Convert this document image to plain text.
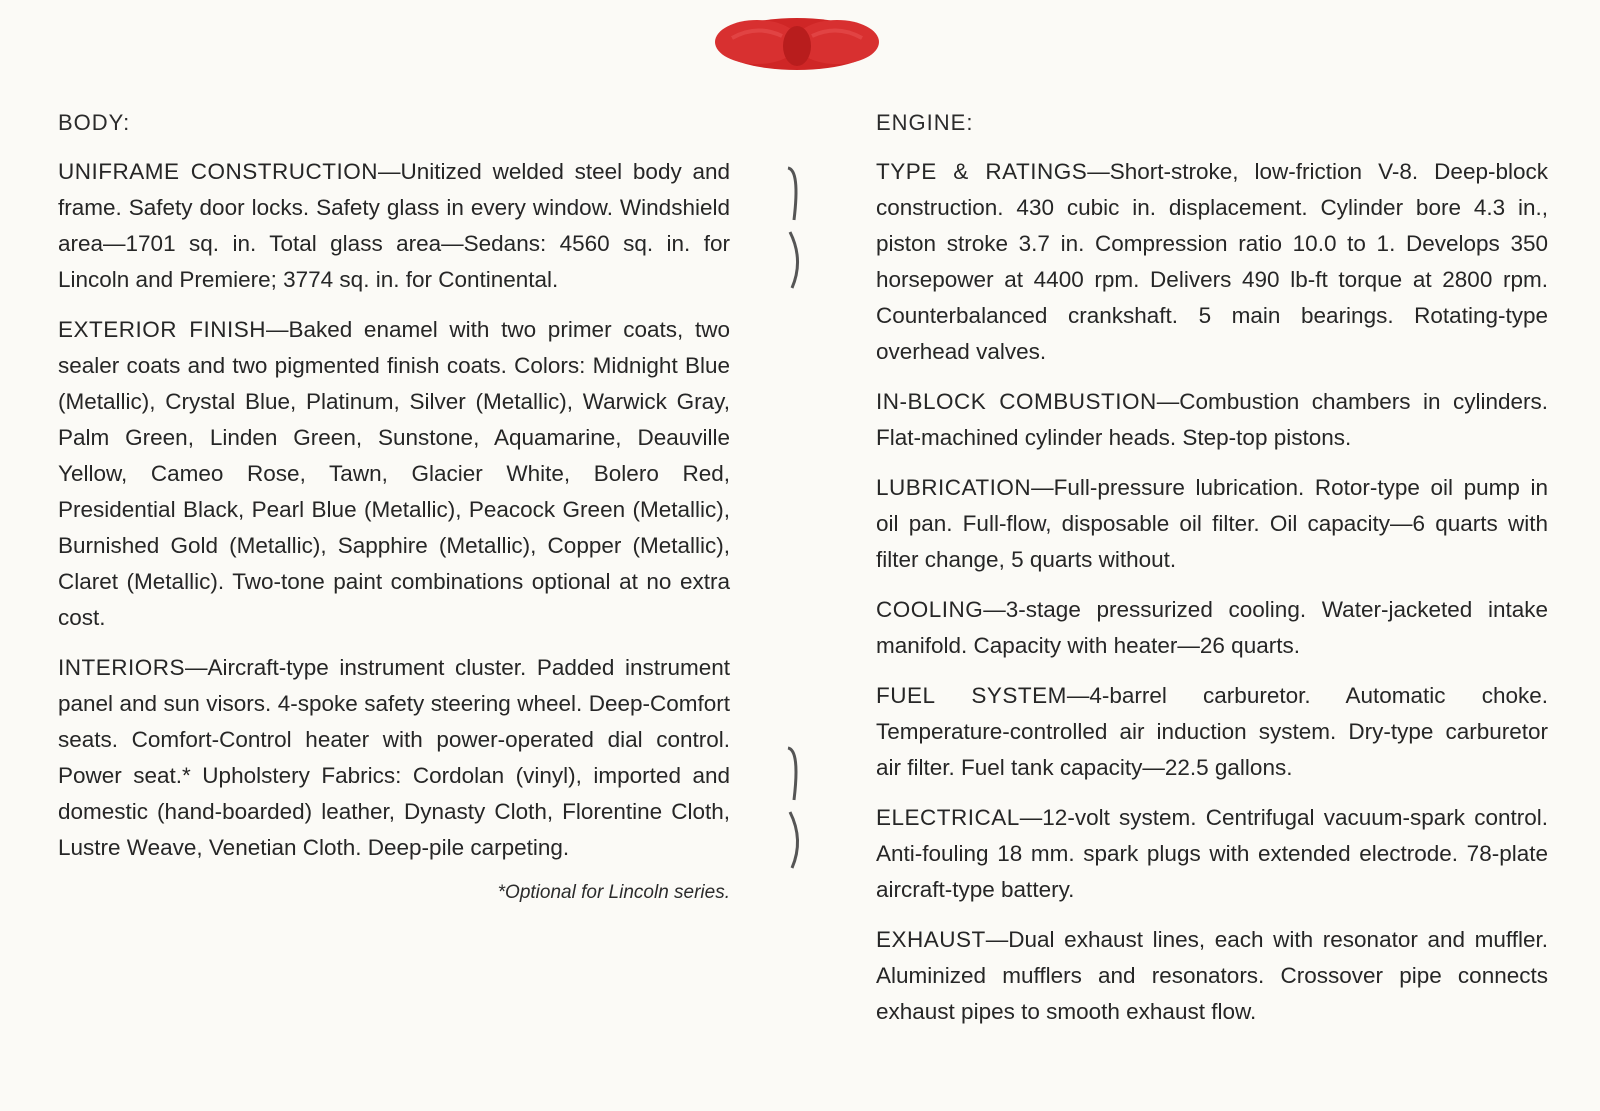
BODY:

UNIFRAME CONSTRUCTION—Unitized welded steel body and frame. Safety door locks. Safety glass in every window. Windshield area—1701 sq. in. Total glass area—Sedans: 4560 sq. in. for Lincoln and Premiere; 3774 sq. in. for Continental.

EXTERIOR FINISH—Baked enamel with two primer coats, two sealer coats and two pigmented finish coats. Colors: Midnight Blue (Metallic), Crystal Blue, Platinum, Silver (Metallic), Warwick Gray, Palm Green, Linden Green, Sunstone, Aquamarine, Deauville Yellow, Cameo Rose, Tawn, Glacier White, Bolero Red, Presidential Black, Pearl Blue (Metallic), Peacock Green (Metallic), Burnished Gold (Metallic), Sapphire (Metallic), Copper (Metallic), Claret (Metallic). Two-tone paint combinations optional at no extra cost.

INTERIORS—Aircraft-type instrument cluster. Padded instrument panel and sun visors. 4-spoke safety steering wheel. Deep-Comfort seats. Comfort-Control heater with power-operated dial control. Power seat.* Upholstery Fabrics: Cordolan (vinyl), imported and domestic (hand-boarded) leather, Dynasty Cloth, Florentine Cloth, Lustre Weave, Venetian Cloth. Deep-pile carpeting.

*Optional for Lincoln series.
ENGINE:

TYPE & RATINGS—Short-stroke, low-friction V-8. Deep-block construction. 430 cubic in. displacement. Cylinder bore 4.3 in., piston stroke 3.7 in. Compression ratio 10.0 to 1. Develops 350 horsepower at 4400 rpm. Delivers 490 lb-ft torque at 2800 rpm. Counterbalanced crankshaft. 5 main bearings. Rotating-type overhead valves.

IN-BLOCK COMBUSTION—Combustion chambers in cylinders. Flat-machined cylinder heads. Step-top pistons.

LUBRICATION—Full-pressure lubrication. Rotor-type oil pump in oil pan. Full-flow, disposable oil filter. Oil capacity—6 quarts with filter change, 5 quarts without.

COOLING—3-stage pressurized cooling. Water-jacketed intake manifold. Capacity with heater—26 quarts.

FUEL SYSTEM—4-barrel carburetor. Automatic choke. Temperature-controlled air induction system. Dry-type carburetor air filter. Fuel tank capacity—22.5 gallons.

ELECTRICAL—12-volt system. Centrifugal vacuum-spark control. Anti-fouling 18 mm. spark plugs with extended electrode. 78-plate aircraft-type battery.

EXHAUST—Dual exhaust lines, each with resonator and muffler. Aluminized mufflers and resonators. Crossover pipe connects exhaust pipes to smooth exhaust flow.
